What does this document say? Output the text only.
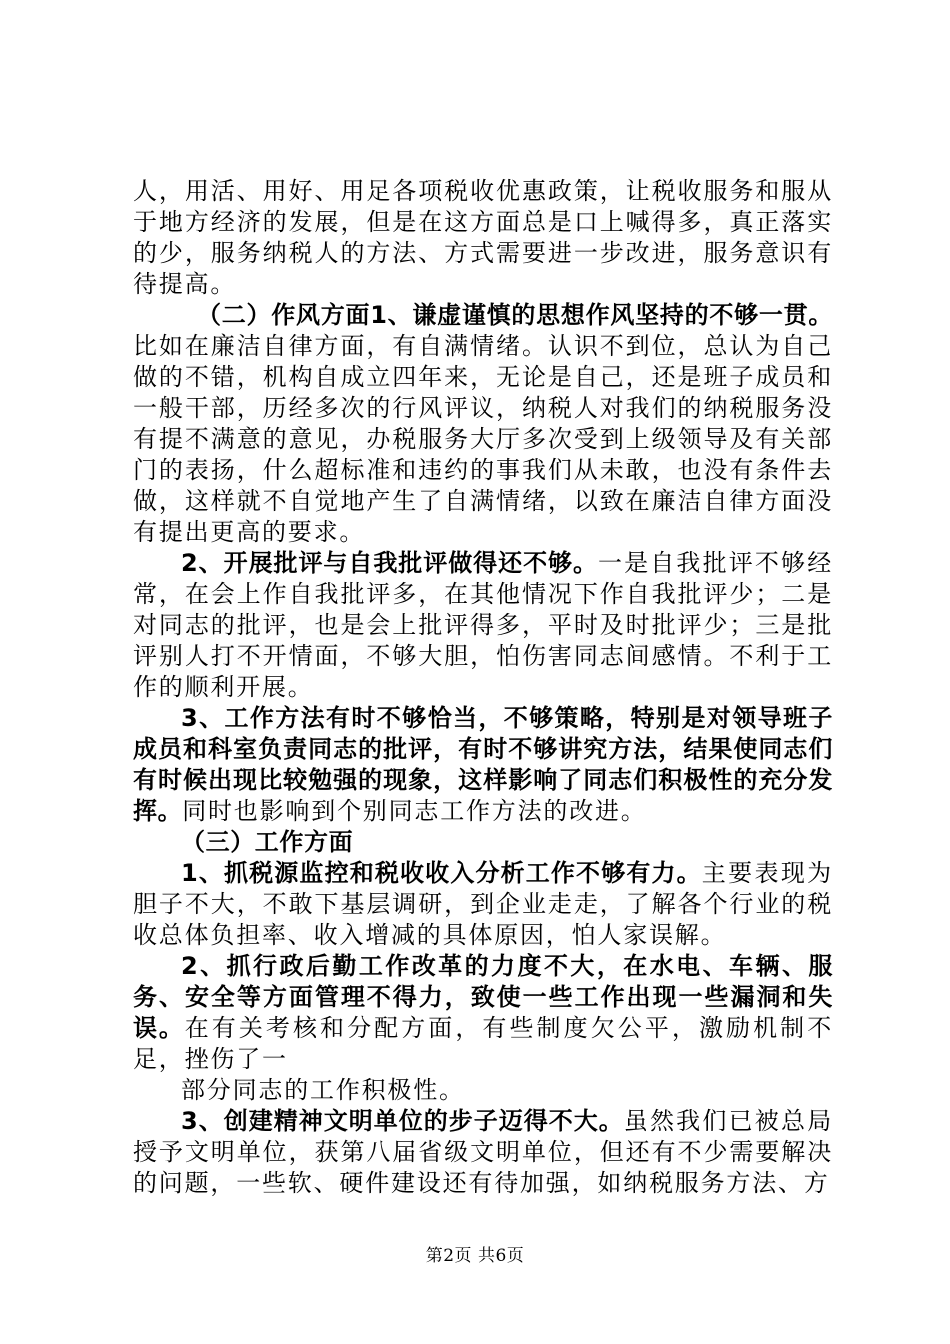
人，用活、用好、用足各项税收优惠政策，让税收服务和服从于地方经济的发展，但是在这方面总是口上喊得多，真正落实的少，服务纳税人的方法、方式需要进一步改进，服务意识有待提高。

（二）作风方面1、谦虚谨慎的思想作风坚持的不够一贯。比如在廉洁自律方面，有自满情绪。认识不到位，总认为自己做的不错，机构自成立四年来，无论是自己，还是班子成员和一般干部，历经多次的行风评议，纳税人对我们的纳税服务没有提不满意的意见，办税服务大厅多次受到上级领导及有关部门的表扬，什么超标准和违约的事我们从未敢，也没有条件去做，这样就不自觉地产生了自满情绪，以致在廉洁自律方面没有提出更高的要求。

2、开展批评与自我批评做得还不够。一是自我批评不够经常，在会上作自我批评多，在其他情况下作自我批评少；二是对同志的批评，也是会上批评得多，平时及时批评少；三是批评别人打不开情面，不够大胆，怕伤害同志间感情。不利于工作的顺利开展。

3、工作方法有时不够恰当，不够策略，特别是对领导班子成员和科室负责同志的批评，有时不够讲究方法，结果使同志们有时候出现比较勉强的现象，这样影响了同志们积极性的充分发挥。同时也影响到个别同志工作方法的改进。

（三）工作方面

1、抓税源监控和税收收入分析工作不够有力。主要表现为胆子不大，不敢下基层调研，到企业走走，了解各个行业的税收总体负担率、收入增减的具体原因，怕人家误解。

2、抓行政后勤工作改革的力度不大，在水电、车辆、服务、安全等方面管理不得力，致使一些工作出现一些漏洞和失误。在有关考核和分配方面，有些制度欠公平，激励机制不足，挫伤了一

部分同志的工作积极性。

3、创建精神文明单位的步子迈得不大。虽然我们已被总局授予文明单位，获第八届省级文明单位，但还有不少需要解决的问题，一些软、硬件建设还有待加强，如纳税服务方法、方

第2页 共6页
